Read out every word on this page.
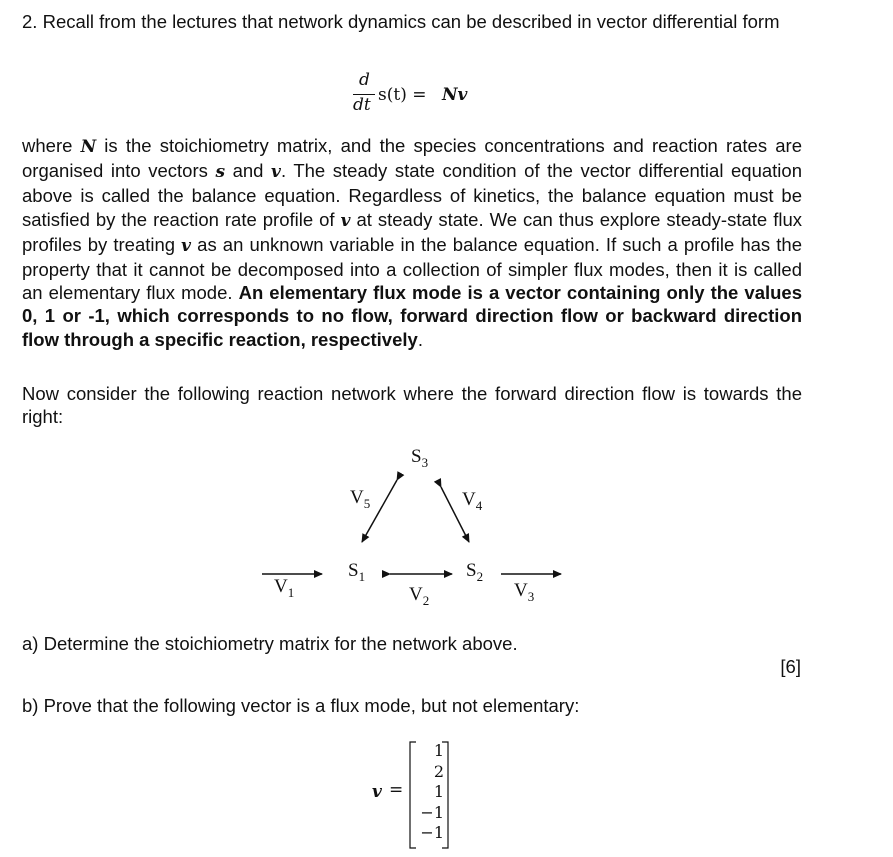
2. Recall from the lectures that network dynamics can be described in vector differential form

d
dt s(t) = Nv

where N is the stoichiometry matrix, and the species concentrations and reaction rates are organised into vectors s and v. The steady state condition of the vector differential equation above is called the balance equation. Regardless of kinetics, the balance equation must be satisfied by the reaction rate profile of v at steady state. We can thus explore steady-state flux profiles by treating v as an unknown variable in the balance equation. If such a profile has the property that it cannot be decomposed into a collection of simpler flux modes, then it is called an elementary flux mode. An elementary flux mode is a vector containing only the values 0, 1 or -1, which corresponds to no flow, forward direction flow or backward direction flow through a specific reaction, respectively.

Now consider the following reaction network where the forward direction flow is towards the right:

$S_1$	$S_2$
$S_3$
$V_1$	$V_2$	$V_3$
$V_4$
$V_5$

a) Determine the stoichiometry matrix for the network above.

[6]

b) Prove that the following vector is a flux mode, but not elementary:

v =
1
2
1
−1
−1
